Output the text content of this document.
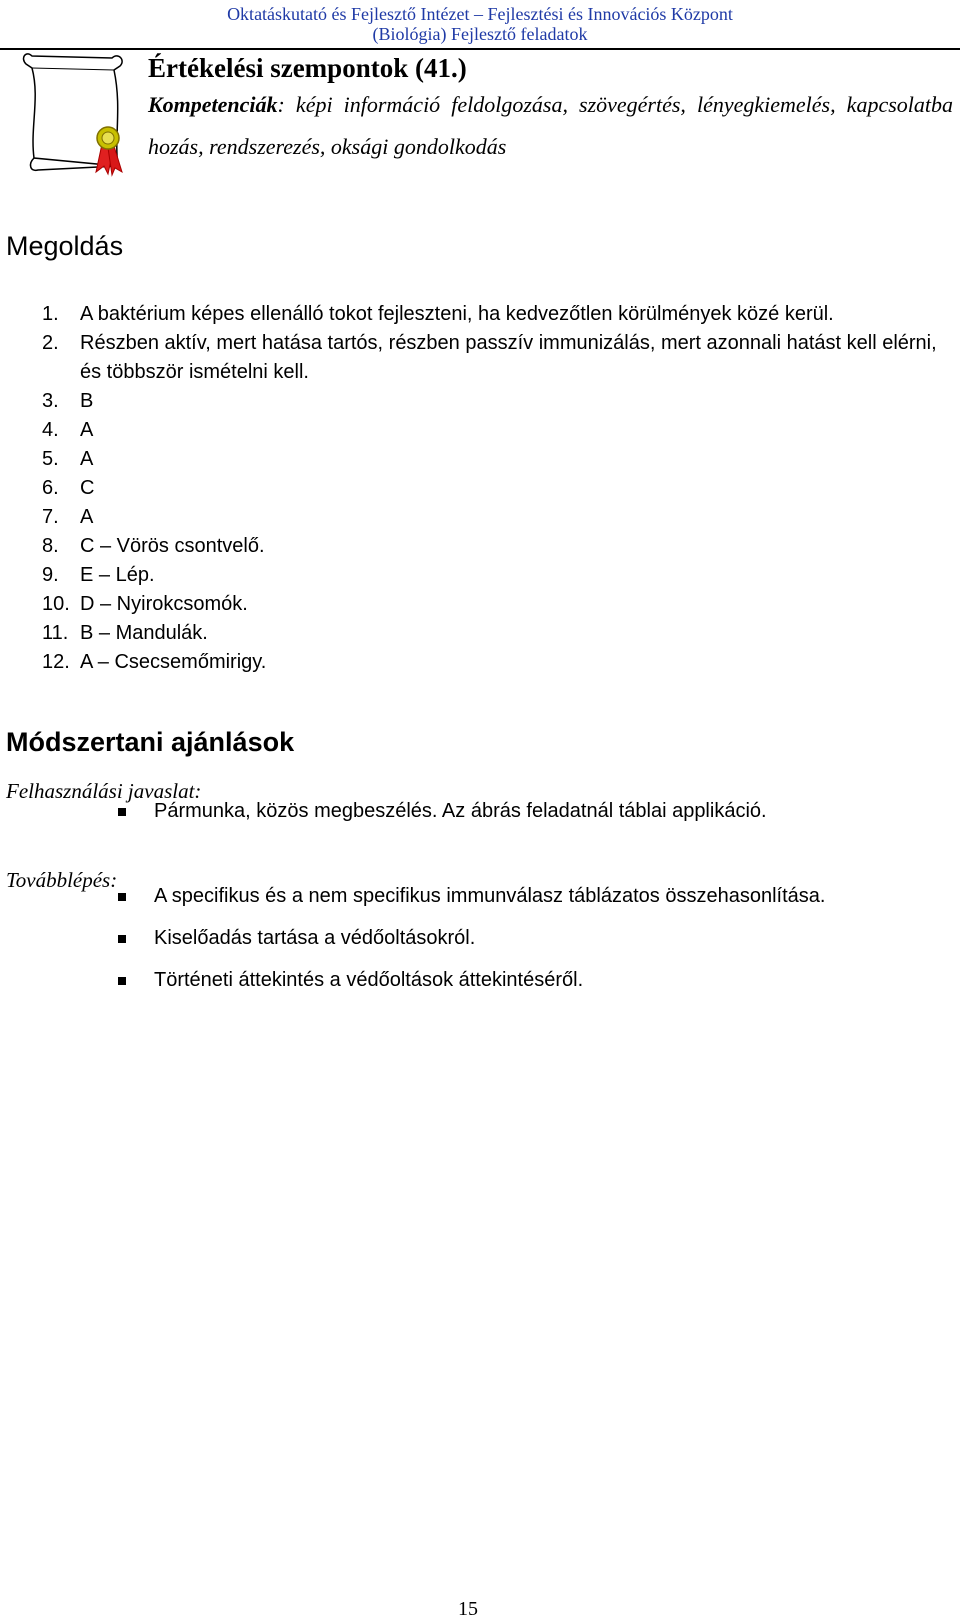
Oktatáskutató és Fejlesztő Intézet – Fejlesztési és Innovációs Központ
(Biológia) Fejlesztő feladatok
Értékelési szempontok (41.)
Kompetenciák: képi információ feldolgozása, szövegértés, lényegkiemelés, kapcsolatba hozás, rendszerezés, oksági gondolkodás
Megoldás
1. A baktérium képes ellenálló tokot fejleszteni, ha kedvezőtlen körülmények közé kerül.
2. Részben aktív, mert hatása tartós, részben passzív immunizálás, mert azonnali hatást kell elérni, és többször ismételni kell.
3. B
4. A
5. A
6. C
7. A
8. C – Vörös csontvelő.
9. E – Lép.
10. D – Nyirokcsomók.
11. B – Mandulák.
12. A – Csecsemőmirigy.
Módszertani ajánlások
Felhasználási javaslat:
Pármunka, közös megbeszélés. Az ábrás feladatnál táblai applikáció.
Továbblépés:
A specifikus és a nem specifikus immunválasz táblázatos összehasonlítása.
Kiselőadás tartása a védőoltásokról.
Történeti áttekintés a védőoltások áttekintéséről.
15
